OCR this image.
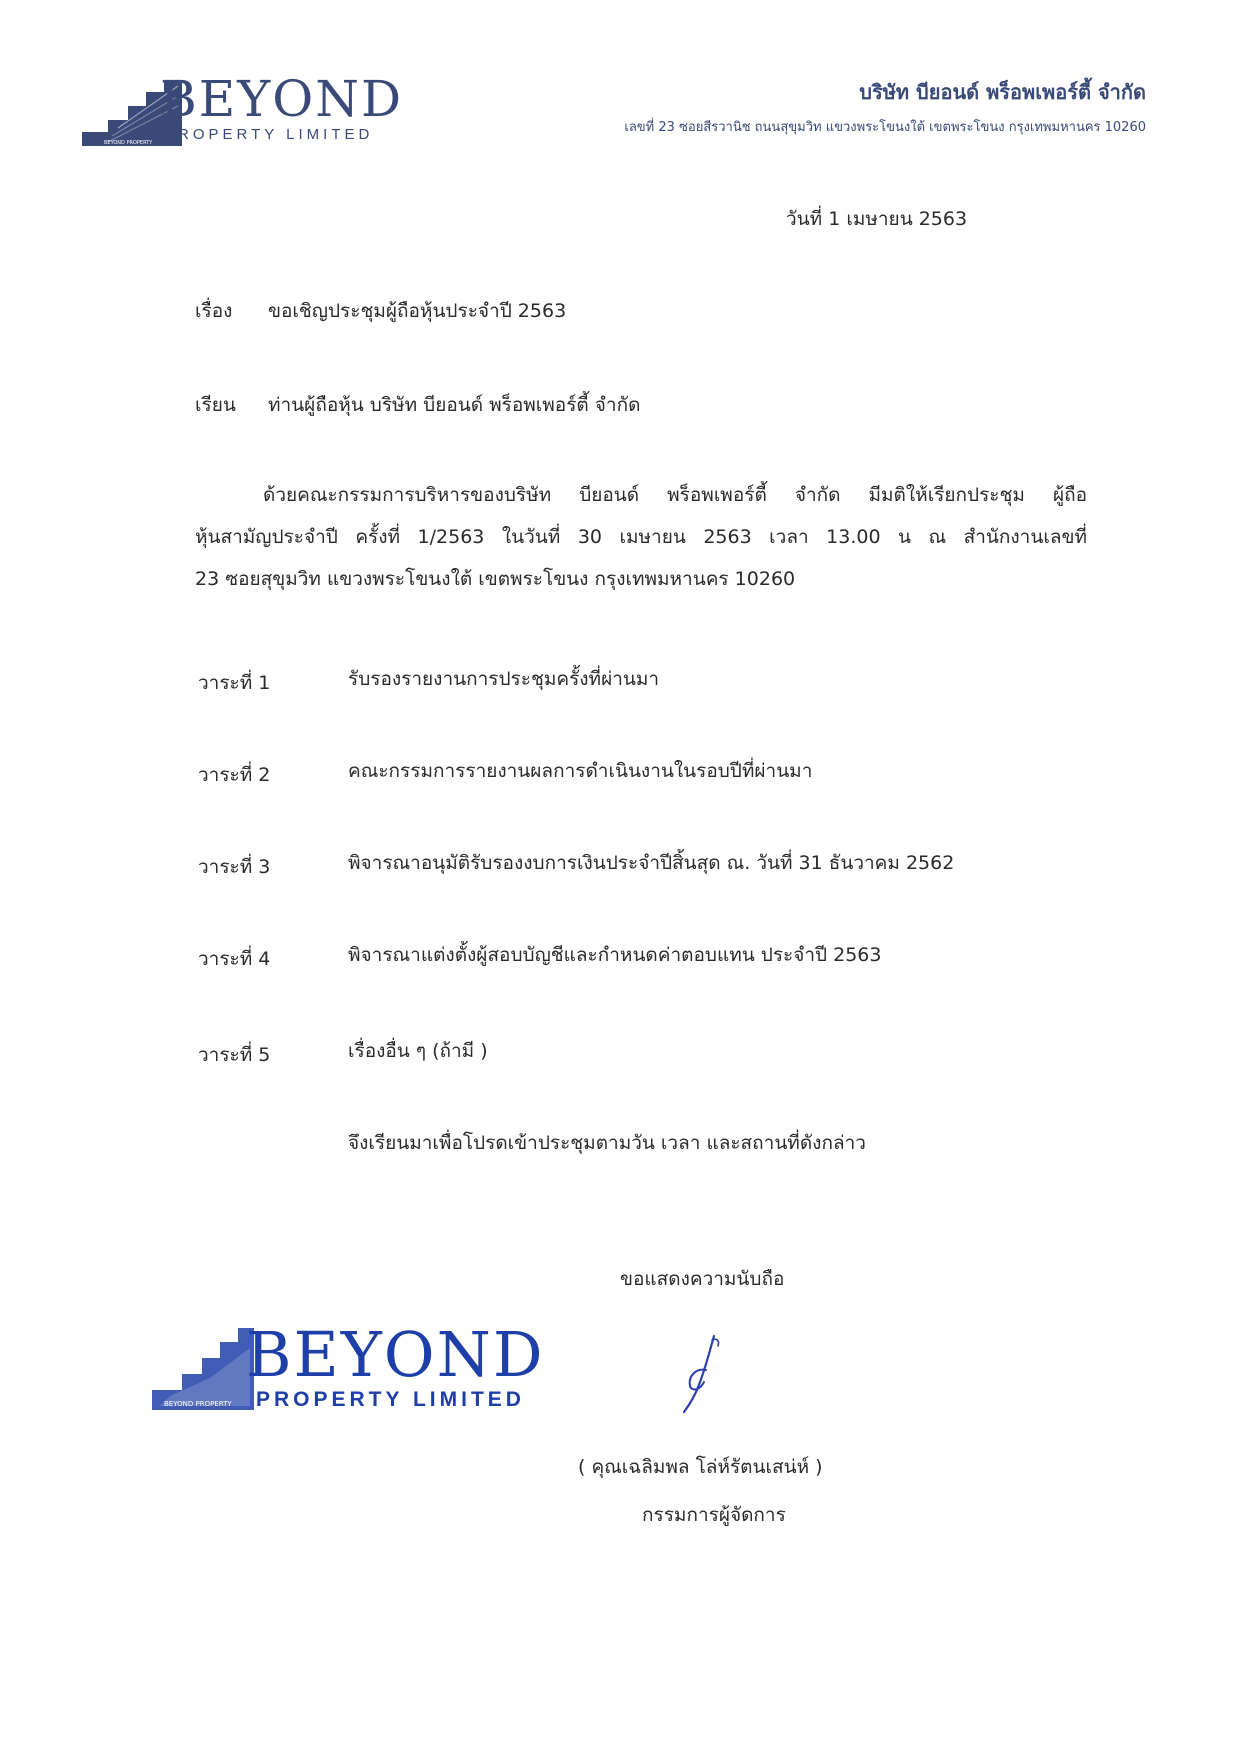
BEYOND PROPERTY
BEYOND
PROPERTY LIMITED
บริษัท บียอนด์ พร็อพเพอร์ตี้ จำกัด
เลขที่ 23 ซอยสีรวานิช ถนนสุขุมวิท แขวงพระโขนงใต้ เขตพระโขนง กรุงเทพมหานคร 10260
วันที่ 1 เมษายน 2563
เรื่อง ขอเชิญประชุมผู้ถือหุ้นประจำปี 2563
เรียน ท่านผู้ถือหุ้น บริษัท บียอนด์ พร็อพเพอร์ตี้ จำกัด

ด้วยคณะกรรมการบริหารของบริษัท บียอนด์ พร็อพเพอร์ตี้ จำกัด มีมติให้เรียกประชุม ผู้ถือ

หุ้นสามัญประจำปี ครั้งที่ 1/2563 ในวันที่ 30 เมษายน 2563 เวลา 13.00 น ณ สำนักงานเลขที่

23 ซอยสุขุมวิท แขวงพระโขนงใต้ เขตพระโขนง กรุงเทพมหานคร 10260

วาระที่ 1	รับรองรายงานการประชุมครั้งที่ผ่านมา
วาระที่ 2	คณะกรรมการรายงานผลการดำเนินงานในรอบปีที่ผ่านมา
วาระที่ 3	พิจารณาอนุมัติรับรองงบการเงินประจำปีสิ้นสุด ณ. วันที่ 31 ธันวาคม 2562
วาระที่ 4	พิจารณาแต่งตั้งผู้สอบบัญชีและกำหนดค่าตอบแทน ประจำปี 2563
วาระที่ 5	เรื่องอื่น ๆ (ถ้ามี )
จึงเรียนมาเพื่อโปรดเข้าประชุมตามวัน เวลา และสถานที่ดังกล่าว
ขอแสดงความนับถือ
BEYOND PROPERTY
BEYOND
PROPERTY LIMITED
( คุณเฉลิมพล โล่ห์รัตนเสน่ห์ )
กรรมการผู้จัดการ
